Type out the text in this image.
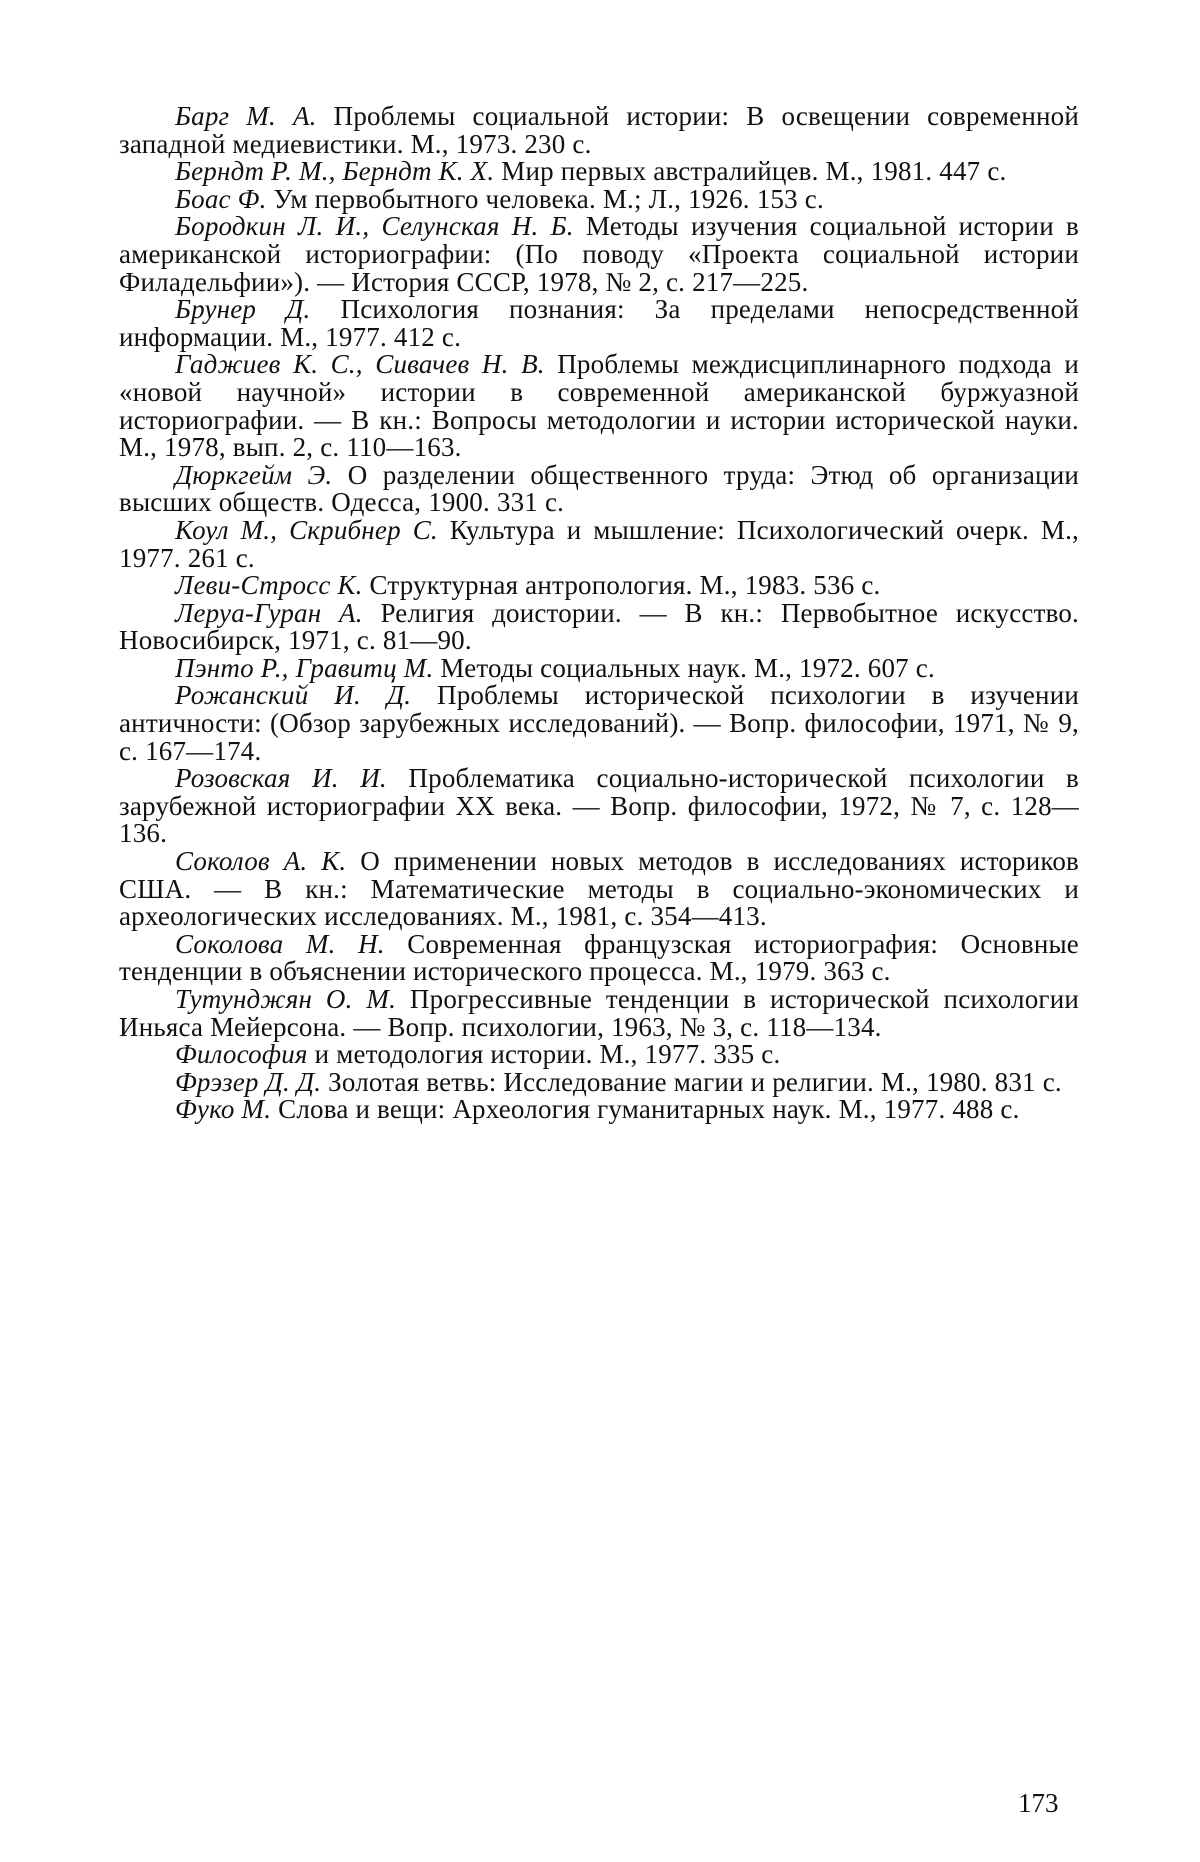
Барг М. А. Проблемы социальной истории: В освещении современной западной медиевистики. М., 1973. 230 с.

Берндт Р. М., Берндт К. Х. Мир первых австралийцев. М., 1981. 447 с.

Боас Ф. Ум первобытного человека. М.; Л., 1926. 153 с.

Бородкин Л. И., Селунская Н. Б. Методы изучения социальной истории в американской историографии: (По поводу «Проекта социальной истории Филадельфии»). — История СССР, 1978, № 2, с. 217—225.

Брунер Д. Психология познания: За пределами непосредственной информации. М., 1977. 412 с.

Гаджиев К. С., Сивачев Н. В. Проблемы междисциплинарного подхода и «новой научной» истории в современной американской буржуазной историографии. — В кн.: Вопросы методологии и истории исторической науки. М., 1978, вып. 2, с. 110—163.

Дюркгейм Э. О разделении общественного труда: Этюд об организации высших обществ. Одесса, 1900. 331 с.

Коул М., Скрибнер С. Культура и мышление: Психологический очерк. М., 1977. 261 с.

Леви-Стросс К. Структурная антропология. М., 1983. 536 с.

Леруа-Гуран А. Религия доистории. — В кн.: Первобытное искусство. Новосибирск, 1971, с. 81—90.

Пэнто Р., Гравитц М. Методы социальных наук. М., 1972. 607 с.

Рожанский И. Д. Проблемы исторической психологии в изучении античности: (Обзор зарубежных исследований). — Вопр. философии, 1971, № 9, с. 167—174.

Розовская И. И. Проблематика социально-исторической психологии в зарубежной историографии XX века. — Вопр. философии, 1972, № 7, с. 128—136.

Соколов А. К. О применении новых методов в исследованиях историков США. — В кн.: Математические методы в социально-экономических и археологических исследованиях. М., 1981, с. 354—413.

Соколова М. Н. Современная французская историография: Основные тенденции в объяснении исторического процесса. М., 1979. 363 с.

Тутунджян О. М. Прогрессивные тенденции в исторической психологии Иньяса Мейерсона. — Вопр. психологии, 1963, № 3, с. 118—134.

Философия и методология истории. М., 1977. 335 с.

Фрэзер Д. Д. Золотая ветвь: Исследование магии и религии. М., 1980. 831 с.

Фуко М. Слова и вещи: Археология гуманитарных наук. М., 1977. 488 с.

173
